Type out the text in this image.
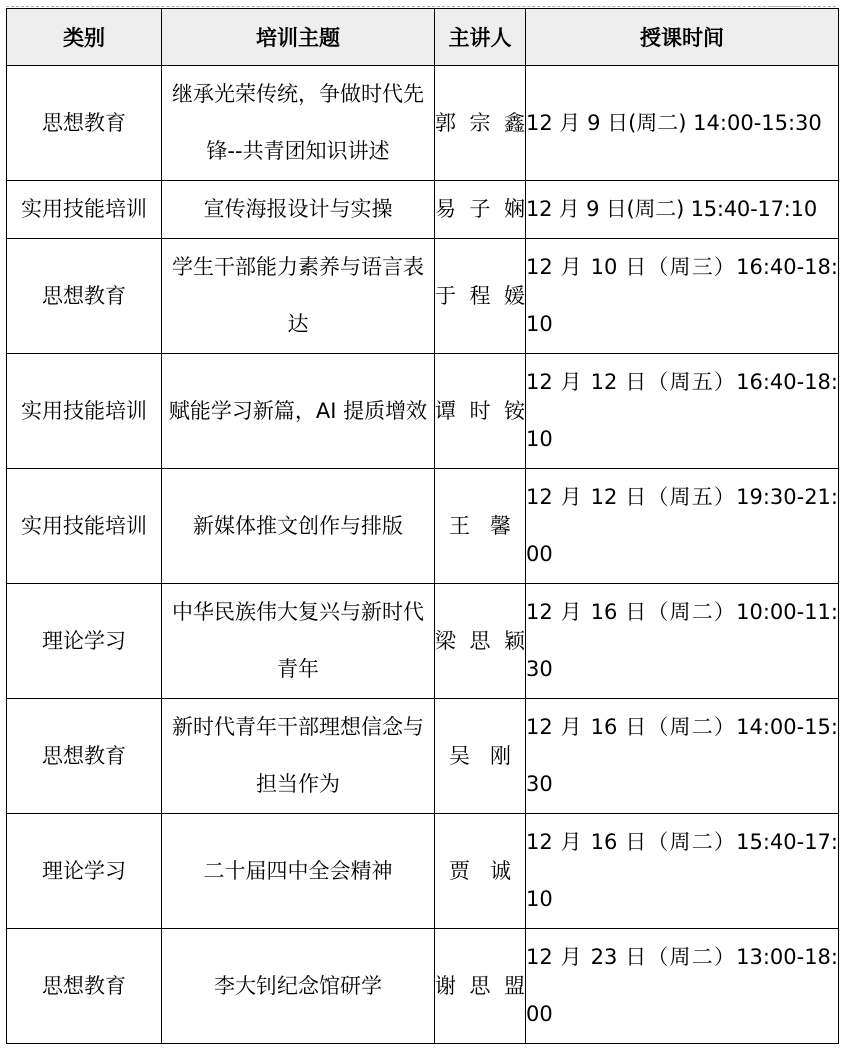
类别	培训主题	主讲人	授课时间
思想教育	继承光荣传统，争做时代先锋--共青团知识讲述	郭宗鑫	12 月 9 日(周二) 14:00-15:30
实用技能培训	宣传海报设计与实操	易子娴	12 月 9 日(周二) 15:40-17:10
思想教育	学生干部能力素养与语言表达	于程媛	12 月 10 日（周三）16:40-18:10
实用技能培训	赋能学习新篇，AI 提质增效	谭时铵	12 月 12 日（周五）16:40-18:10
实用技能培训	新媒体推文创作与排版	王馨	12 月 12 日（周五）19:30-21:00
理论学习	中华民族伟大复兴与新时代青年	梁思颖	12 月 16 日（周二）10:00-11:30
思想教育	新时代青年干部理想信念与担当作为	吴刚	12 月 16 日（周二）14:00-15:30
理论学习	二十届四中全会精神	贾诚	12 月 16 日（周二）15:40-17:10
思想教育	李大钊纪念馆研学	谢思盟	12 月 23 日（周二）13:00-18:00
